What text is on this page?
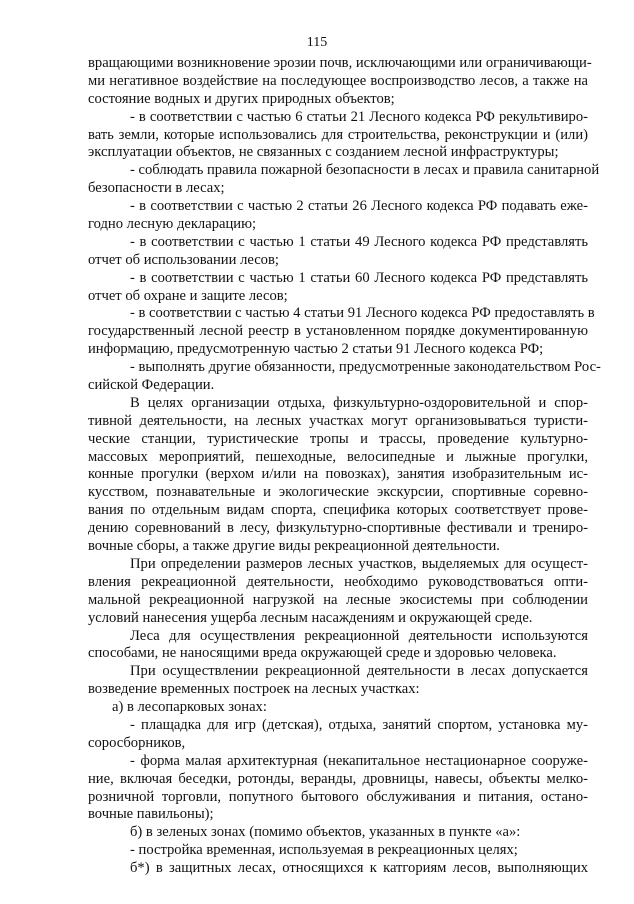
115
вращающими возникновение эрозии почв, исключающими или ограничивающи-
ми негативное воздействие на последующее воспроизводство лесов, а также на
состояние водных и других природных объектов;
- в соответствии с частью 6 статьи 21 Лесного кодекса РФ рекультивиро-
вать земли, которые использовались для строительства, реконструкции и (или)
эксплуатации объектов, не связанных с созданием лесной инфраструктуры;
- соблюдать правила пожарной безопасности в лесах и правила санитарной
безопасности в лесах;
- в соответствии с частью 2 статьи 26 Лесного кодекса РФ подавать еже-
годно лесную декларацию;
- в соответствии с частью 1 статьи 49 Лесного кодекса РФ представлять
отчет об использовании лесов;
- в соответствии с частью 1 статьи 60 Лесного кодекса РФ представлять
отчет об охране и защите лесов;
- в соответствии с частью 4 статьи 91 Лесного кодекса РФ предоставлять в
государственный лесной реестр в установленном порядке документированную
информацию, предусмотренную частью 2 статьи 91 Лесного кодекса РФ;
- выполнять другие обязанности, предусмотренные законодательством Рос-
сийской Федерации.
В целях организации отдыха, физкультурно-оздоровительной и спор-
тивной деятельности, на лесных участках могут организовываться туристи-
ческие станции, туристические тропы и трассы, проведение культурно-
массовых мероприятий, пешеходные, велосипедные и лыжные прогулки,
конные прогулки (верхом и/или на повозках), занятия изобразительным ис-
кусством, познавательные и экологические экскурсии, спортивные соревно-
вания по отдельным видам спорта, специфика которых соответствует прове-
дению соревнований в лесу, физкультурно-спортивные фестивали и трениро-
вочные сборы, а также другие виды рекреационной деятельности.
При определении размеров лесных участков, выделяемых для осущест-
вления рекреационной деятельности, необходимо руководствоваться опти-
мальной рекреационной нагрузкой на лесные экосистемы при соблюдении
условий нанесения ущерба лесным насаждениям и окружающей среде.
Леса для осуществления рекреационной деятельности используются
способами, не наносящими вреда окружающей среде и здоровью человека.
При осуществлении рекреационной деятельности в лесах допускается
возведение временных построек на лесных участках:
а) в лесопарковых зонах:
- плащадка для игр (детская), отдыха, занятий спортом, установка му-
соросборников,
- форма малая архитектурная (некапитальное нестационарное сооруже-
ние, включая беседки, ротонды, веранды, дровницы, навесы, объекты мелко-
розничной торговли, попутного бытового обслуживания и питания, остано-
вочные павильоны);
б) в зеленых зонах (помимо объектов, указанных в пункте «а»:
- постройка временная, используемая в рекреационных целях;
б*) в защитных лесах, относящихся к катгориям лесов, выполняющих
